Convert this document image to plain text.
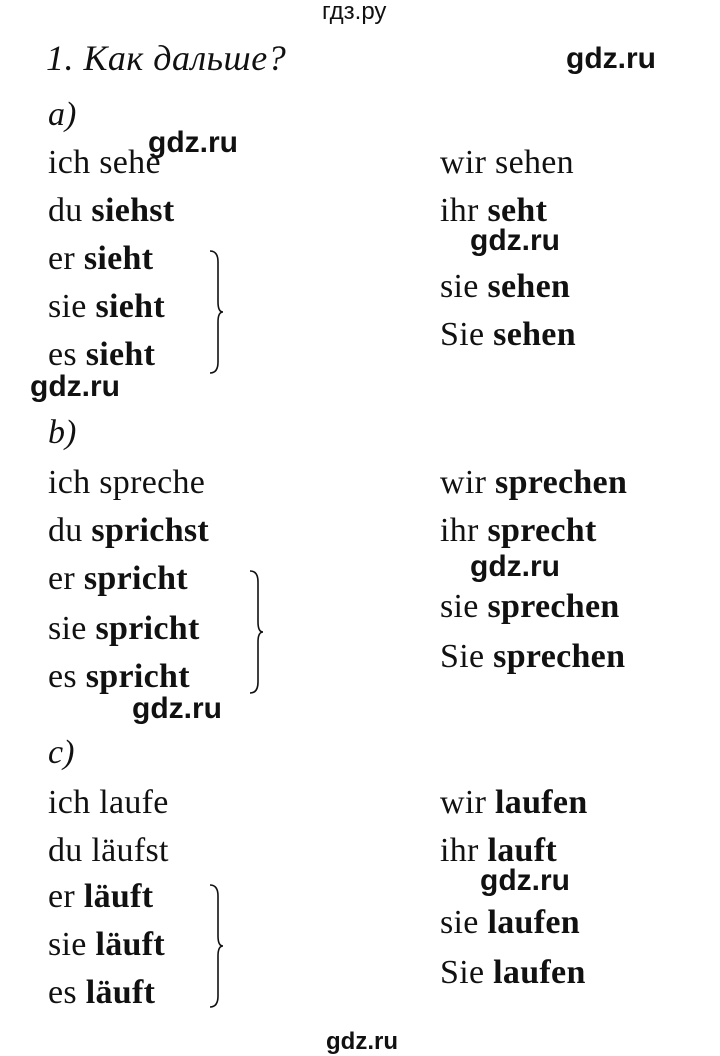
гдз.ру
gdz.ru
gdz.ru
gdz.ru
gdz.ru
gdz.ru
gdz.ru
gdz.ru
gdz.ru
1. Как дальше?
a)
b)
c)
ich sehe
du siehst
er sieht
sie sieht
es sieht
wir sehen
ihr seht
sie sehen
Sie sehen
ich spreche
du sprichst
er spricht
sie spricht
es spricht
wir sprechen
ihr sprecht
sie sprechen
Sie sprechen
ich laufe
du läufst
er läuft
sie läuft
es läuft
wir laufen
ihr lauft
sie laufen
Sie laufen
